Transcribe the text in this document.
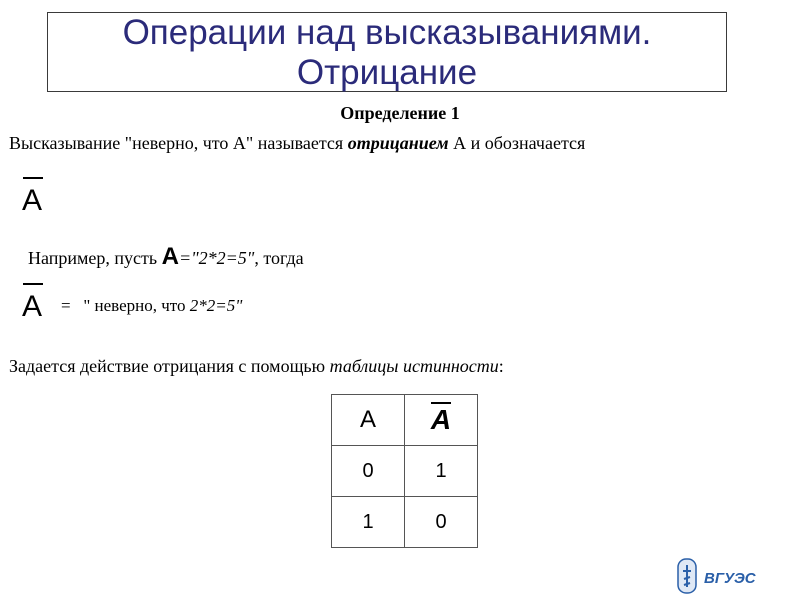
Операции над высказываниями.
Отрицание
Определение 1
Высказывание "неверно, что А" называется отрицанием А и обозначается
A
Например, пусть A="2*2=5", тогда
A = " неверно, что 2*2=5"
Задается действие отрицания с помощью таблицы истинности:
A	A
0	1
1	0
ВГУЭС
